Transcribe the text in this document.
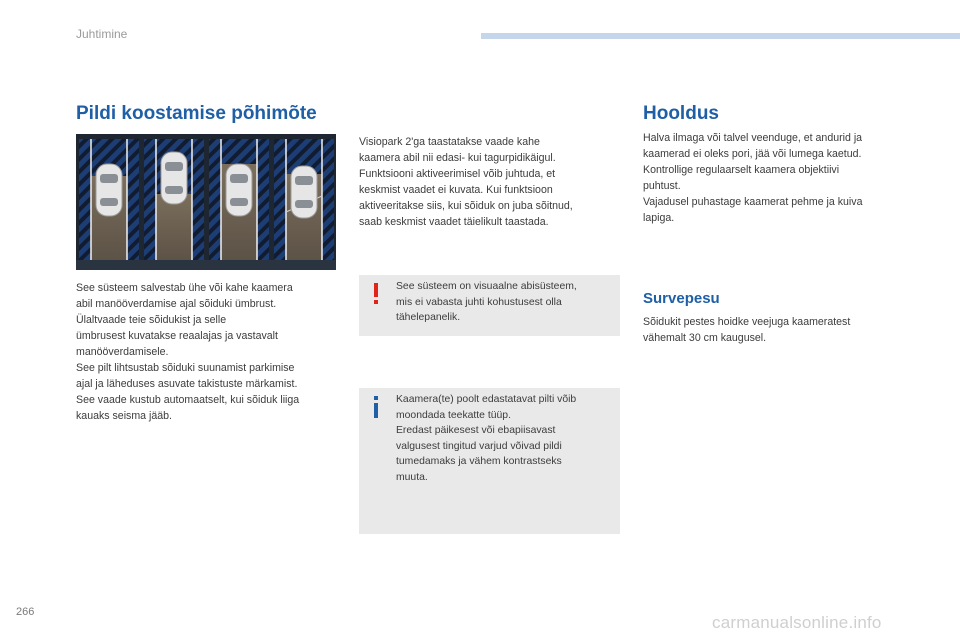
Juhtimine
Pildi koostamise põhimõte
See süsteem salvestab ühe või kahe kaamera
abil manööverdamise ajal sõiduki ümbrust.
Ülaltvaade teie sõidukist ja selle
ümbrusest kuvatakse reaalajas ja vastavalt
manööverdamisele.
See pilt lihtsustab sõiduki suunamist parkimise
ajal ja läheduses asuvate takistuste märkamist.
See vaade kustub automaatselt, kui sõiduk liiga
kauaks seisma jääb.
Visiopark 2'ga taastatakse vaade kahe
kaamera abil nii edasi- kui tagurpidikäigul.
Funktsiooni aktiveerimisel võib juhtuda, et
keskmist vaadet ei kuvata. Kui funktsioon
aktiveeritakse siis, kui sõiduk on juba sõitnud,
saab keskmist vaadet täielikult taastada.
See süsteem on visuaalne abisüsteem,
mis ei vabasta juhti kohustusest olla
tähelepanelik.
Kaamera(te) poolt edastatavat pilti võib
moondada teekatte tüüp.
Eredast päikesest või ebapiisavast
valgusest tingitud varjud võivad pildi
tumedamaks ja vähem kontrastseks
muuta.
Hooldus
Halva ilmaga või talvel veenduge, et andurid ja
kaamerad ei oleks pori, jää või lumega kaetud.
Kontrollige regulaarselt kaamera objektiivi
puhtust.
Vajadusel puhastage kaamerat pehme ja kuiva
lapiga.
Survepesu
Sõidukit pestes hoidke veejuga kaameratest
vähemalt 30 cm kaugusel.
266
carmanualsonline.info
